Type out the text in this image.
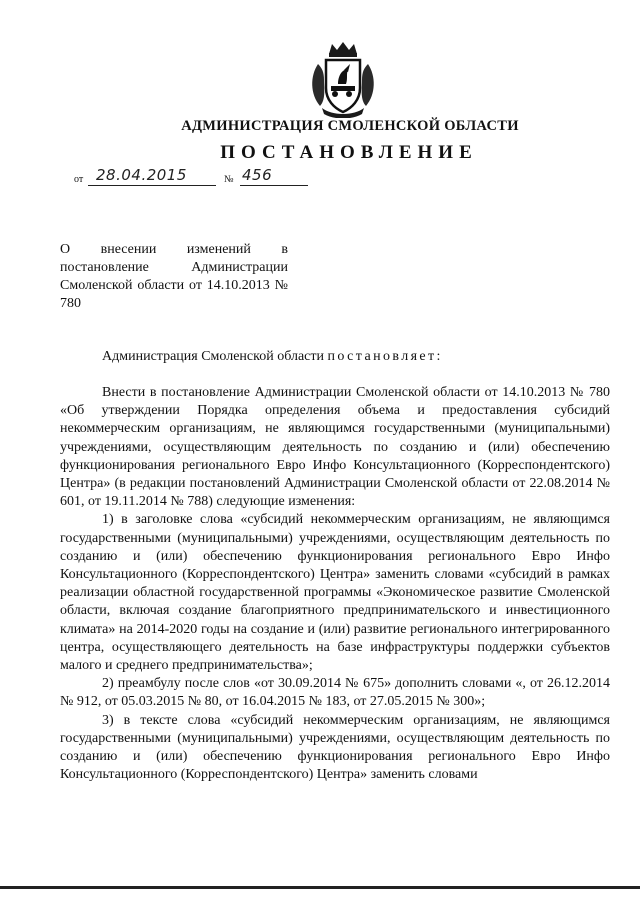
АДМИНИСТРАЦИЯ СМОЛЕНСКОЙ ОБЛАСТИ
ПОСТАНОВЛЕНИЕ
от 28.04.2015	№ 456
О внесении изменений в постановление Администрации Смоленской области от 14.10.2013 № 780
Администрация Смоленской области постановляет:

Внести в постановление Администрации Смоленской области от 14.10.2013 № 780 «Об утверждении Порядка определения объема и предоставления субсидий некоммерческим организациям, не являющимся государственными (муниципальными) учреждениями, осуществляющим деятельность по созданию и (или) обеспечению функционирования регионального Евро Инфо Консультационного (Корреспондентского) Центра» (в редакции постановлений Администрации Смоленской области от 22.08.2014 № 601, от 19.11.2014 № 788) следующие изменения:

1) в заголовке слова «субсидий некоммерческим организациям, не являющимся государственными (муниципальными) учреждениями, осуществляющим деятельность по созданию и (или) обеспечению функционирования регионального Евро Инфо Консультационного (Корреспондентского) Центра» заменить словами «субсидий в рамках реализации областной государственной программы «Экономическое развитие Смоленской области, включая создание благоприятного предпринимательского и инвестиционного климата» на 2014-2020 годы на создание и (или) развитие регионального интегрированного центра, осуществляющего деятельность на базе инфраструктуры поддержки субъектов малого и среднего предпринимательства»;

2) преамбулу после слов «от 30.09.2014 № 675» дополнить словами «, от 26.12.2014 № 912, от 05.03.2015 № 80, от 16.04.2015 № 183, от 27.05.2015 № 300»;

3) в тексте слова «субсидий некоммерческим организациям, не являющимся государственными (муниципальными) учреждениями, осуществляющим деятельность по созданию и (или) обеспечению функционирования регионального Евро Инфо Консультационного (Корреспондентского) Центра» заменить словами
